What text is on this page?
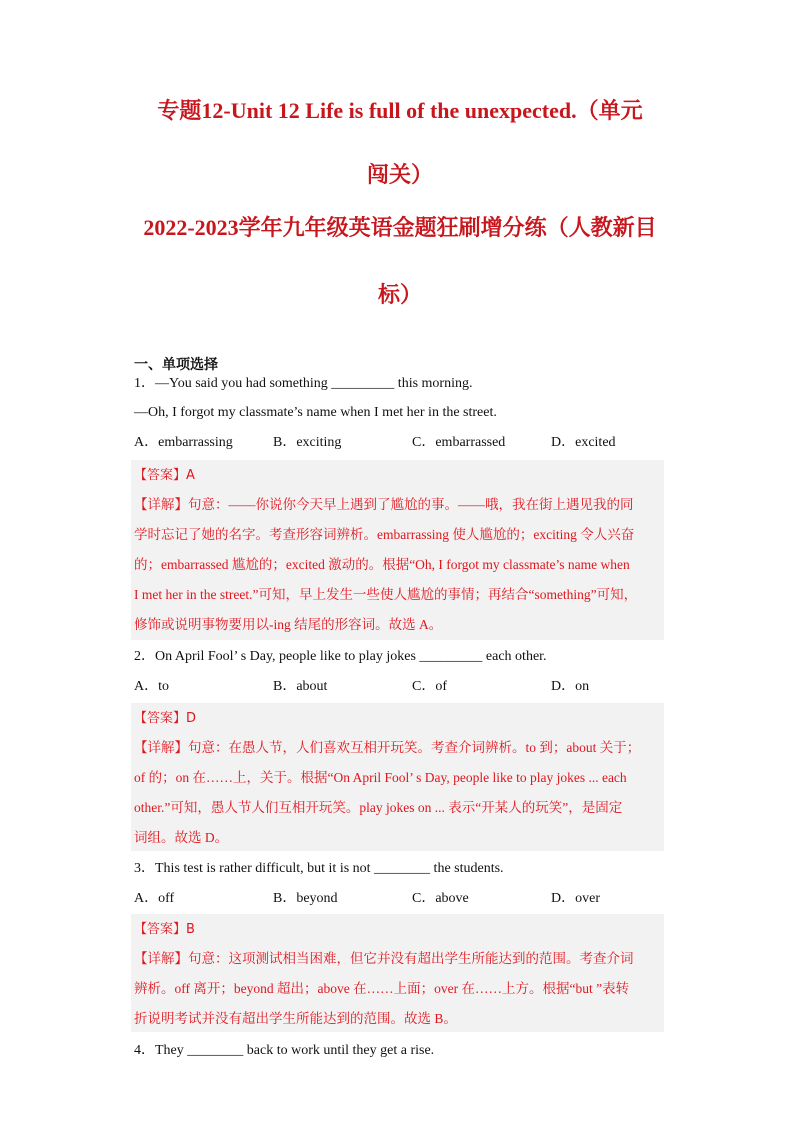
专题12-Unit 12 Life is full of the unexpected.（单元
闯关）
2022-2023学年九年级英语金题狂刷增分练（人教新目
标）
一、单项选择
1．—You said you had something _________ this morning.
—Oh, I forgot my classmate’s name when I met her in the street.
A．embarrassing	B．exciting	C．embarrassed	D．excited
【答案】A
【详解】句意：——你说你今天早上遇到了尴尬的事。——哦，我在街上遇见我的同
学时忘记了她的名字。考查形容词辨析。embarrassing 使人尴尬的；exciting 令人兴奋
的；embarrassed 尴尬的；excited 激动的。根据“Oh, I forgot my classmate’s name when
I met her in the street.”可知，早上发生一些使人尴尬的事情；再结合“something”可知，
修饰或说明事物要用以-ing 结尾的形容词。故选 A。
2．On April Fool’ s Day, people like to play jokes _________ each other.
A．to	B．about	C．of	D．on
【答案】D
【详解】句意：在愚人节，人们喜欢互相开玩笑。考查介词辨析。to 到；about 关于；
of 的；on 在……上，关于。根据“On April Fool’ s Day, people like to play jokes ... each
other.”可知，愚人节人们互相开玩笑。play jokes on ... 表示“开某人的玩笑”，是固定
词组。故选 D。
3．This test is rather difficult, but it is not ________ the students.
A．off	B．beyond	C．above	D．over
【答案】B
【详解】句意：这项测试相当困难，但它并没有超出学生所能达到的范围。考查介词
辨析。off 离开；beyond 超出；above 在……上面；over 在……上方。根据“but ”表转
折说明考试并没有超出学生所能达到的范围。故选 B。
4．They ________ back to work until they get a rise.
